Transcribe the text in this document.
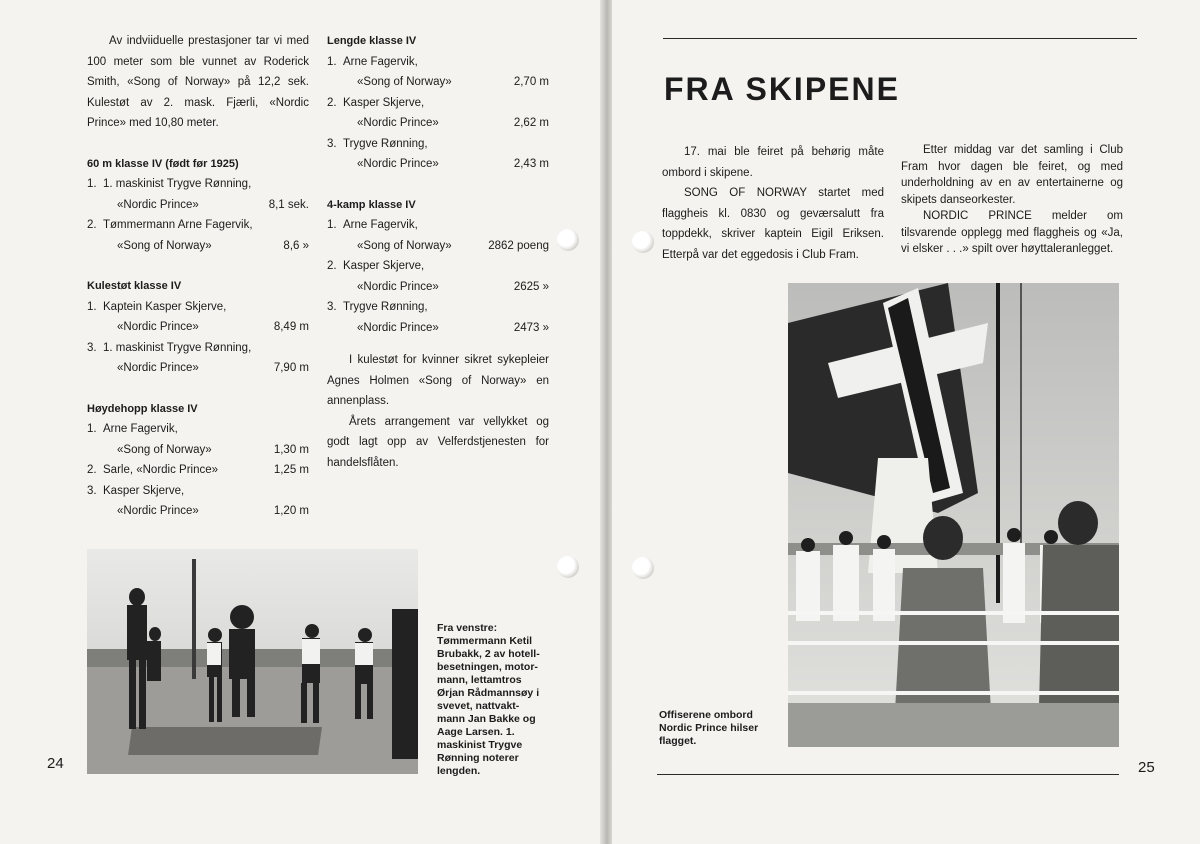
Av indviiduelle prestasjoner tar vi med 100 meter som ble vunnet av Roderick Smith, «Song of Norway» på 12,2 sek. Kulestøt av 2. mask. Fjærli, «Nordic Prince» med 10,80 meter.

60 m klasse IV (født før 1925)
1. 1. maskinist Trygve Rønning,
«Nordic Prince»	8,1 sek.
2. Tømmermann Arne Fagervik,
«Song of Norway»	8,6 »
Kulestøt klasse IV
1. Kaptein Kasper Skjerve,
«Nordic Prince»	8,49 m
3. 1. maskinist Trygve Rønning,
«Nordic Prince»	7,90 m
Høydehopp klasse IV
1. Arne Fagervik,
«Song of Norway»	1,30 m
2. Sarle, «Nordic Prince»	1,25 m
3. Kasper Skjerve,
«Nordic Prince»	1,20 m
Lengde klasse IV
1. Arne Fagervik,
«Song of Norway»	2,70 m
2. Kasper Skjerve,
«Nordic Prince»	2,62 m
3. Trygve Rønning,
«Nordic Prince»	2,43 m
4-kamp klasse IV
1. Arne Fagervik,
«Song of Norway»	2862 poeng
2. Kasper Skjerve,
«Nordic Prince»	2625 »
3. Trygve Rønning,
«Nordic Prince»	2473 »

I kulestøt for kvinner sikret sykepleier Agnes Holmen «Song of Norway» en annenplass.

Årets arrangement var vellykket og godt lagt opp av Velferdstjenesten for handelsflåten.

Fra venstre: Tømmermann Ketil Brubakk, 2 av hotell-besetningen, motor-mann, lettamtros Ørjan Rådmannsøy i svevet, nattvakt-mann Jan Bakke og Aage Larsen. 1. maskinist Trygve Rønning noterer lengden.
24
FRA SKIPENE

17. mai ble feiret på behørig måte ombord i skipene.

SONG OF NORWAY startet med flaggheis kl. 0830 og geværsalutt fra toppdekk, skriver kaptein Eigil Eriksen. Etterpå var det eggedosis i Club Fram.

Etter middag var det samling i Club Fram hvor dagen ble feiret, og med underholdning av en av entertainerne og skipets danseorkester.

NORDIC PRINCE melder om tilsvarende opplegg med flaggheis og «Ja, vi elsker . . .» spilt over høyttaleranlegget.

Offiserene ombord Nordic Prince hilser flagget.
25
